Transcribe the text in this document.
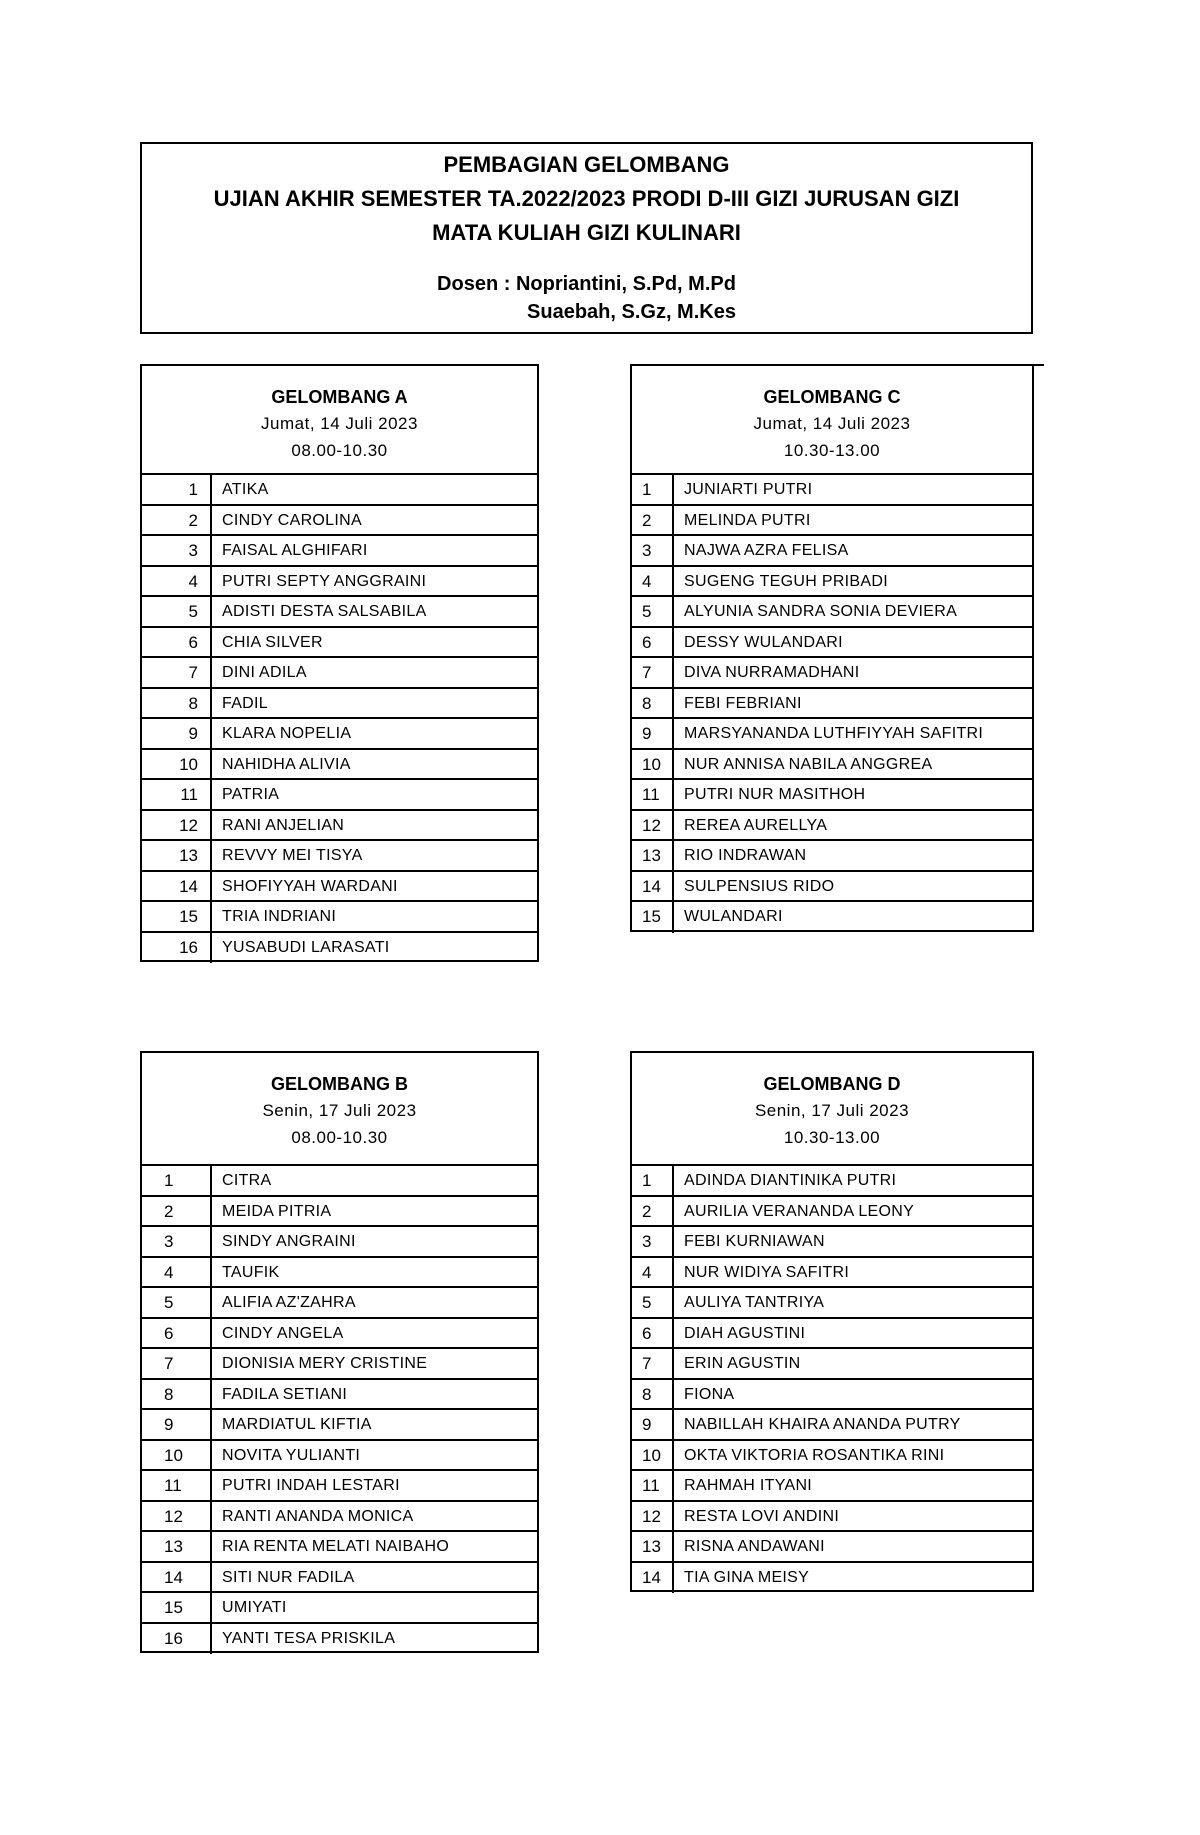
PEMBAGIAN GELOMBANG
UJIAN AKHIR SEMESTER TA.2022/2023 PRODI D-III GIZI JURUSAN GIZI
MATA KULIAH GIZI KULINARI
Dosen : Nopriantini, S.Pd, M.Pd
Suaebah, S.Gz, M.Kes
GELOMBANG A
Jumat, 14 Juli 2023
08.00-10.30
1	ATIKA
2	CINDY CAROLINA
3	FAISAL ALGHIFARI
4	PUTRI SEPTY ANGGRAINI
5	ADISTI DESTA SALSABILA
6	CHIA SILVER
7	DINI ADILA
8	FADIL
9	KLARA NOPELIA
10	NAHIDHA ALIVIA
11	PATRIA
12	RANI ANJELIAN
13	REVVY MEI TISYA
14	SHOFIYYAH WARDANI
15	TRIA INDRIANI
16	YUSABUDI LARASATI
GELOMBANG C
Jumat, 14 Juli 2023
10.30-13.00
1	JUNIARTI PUTRI
2	MELINDA PUTRI
3	NAJWA AZRA FELISA
4	SUGENG TEGUH PRIBADI
5	ALYUNIA SANDRA SONIA DEVIERA
6	DESSY WULANDARI
7	DIVA NURRAMADHANI
8	FEBI FEBRIANI
9	MARSYANANDA LUTHFIYYAH SAFITRI
10	NUR ANNISA NABILA ANGGREA
11	PUTRI NUR MASITHOH
12	REREA AURELLYA
13	RIO INDRAWAN
14	SULPENSIUS RIDO
15	WULANDARI
GELOMBANG B
Senin, 17 Juli 2023
08.00-10.30
1	CITRA
2	MEIDA PITRIA
3	SINDY ANGRAINI
4	TAUFIK
5	ALIFIA AZ'ZAHRA
6	CINDY ANGELA
7	DIONISIA MERY CRISTINE
8	FADILA SETIANI
9	MARDIATUL KIFTIA
10	NOVITA YULIANTI
11	PUTRI INDAH LESTARI
12	RANTI ANANDA MONICA
13	RIA RENTA MELATI NAIBAHO
14	SITI NUR FADILA
15	UMIYATI
16	YANTI TESA PRISKILA
GELOMBANG D
Senin, 17 Juli 2023
10.30-13.00
1	ADINDA DIANTINIKA PUTRI
2	AURILIA VERANANDA LEONY
3	FEBI KURNIAWAN
4	NUR WIDIYA SAFITRI
5	AULIYA TANTRIYA
6	DIAH AGUSTINI
7	ERIN AGUSTIN
8	FIONA
9	NABILLAH KHAIRA ANANDA PUTRY
10	OKTA VIKTORIA ROSANTIKA RINI
11	RAHMAH ITYANI
12	RESTA LOVI ANDINI
13	RISNA ANDAWANI
14	TIA GINA MEISY
